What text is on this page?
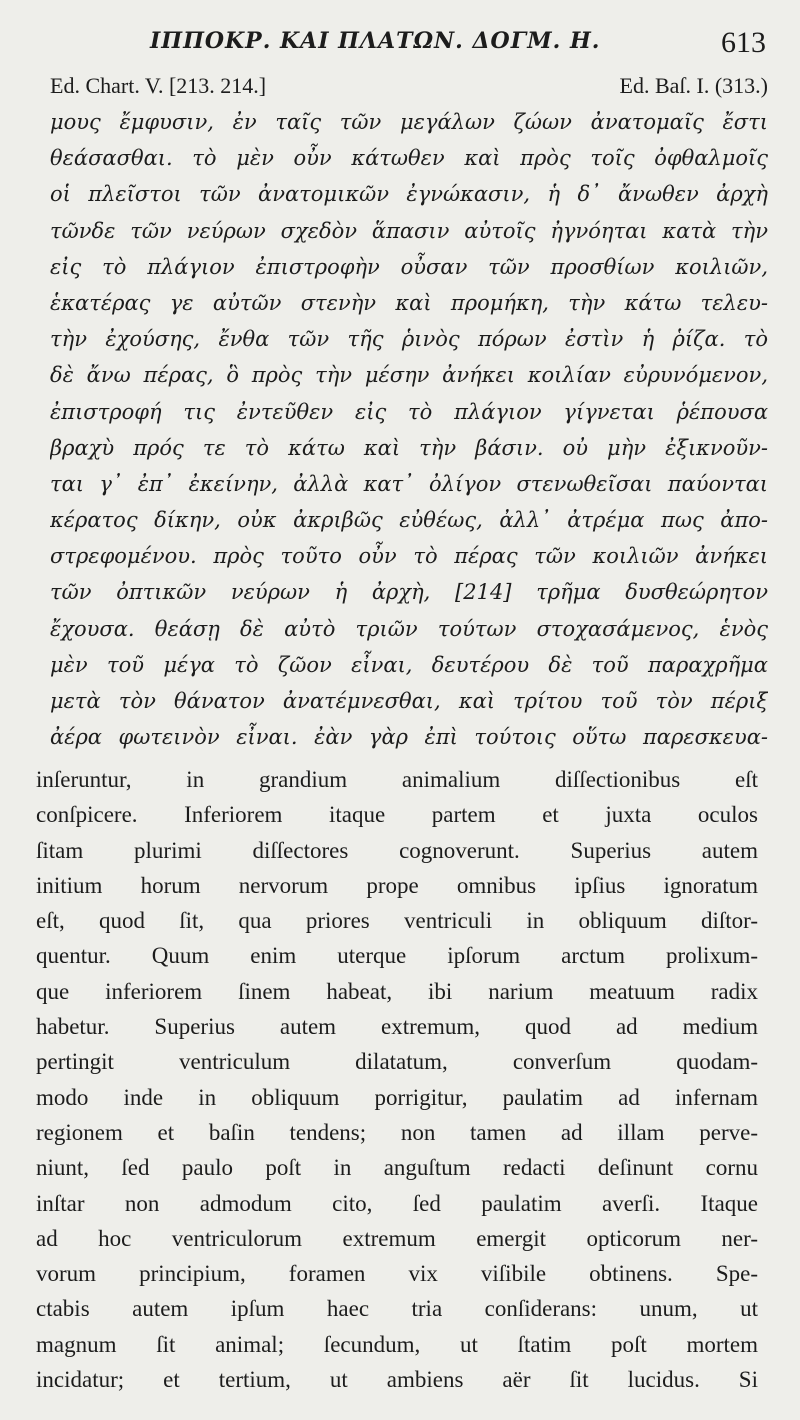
ΙΠΠΟΚΡ. ΚΑΙ ΠΛΑΤΩΝ. ΔΟΓΜ. Η.	613
Ed. Chart. V. [213. 214.]	Ed. Baſ. I. (313.)
μους ἔμφυσιν, ἐν ταῖς τῶν μεγάλων ζώων ἀνατομαῖς ἔστι
θεάσασθαι. τὸ μὲν οὖν κάτωθεν καὶ πρὸς τοῖς ὀφθαλμοῖς
οἱ πλεῖστοι τῶν ἀνατομικῶν ἐγνώκασιν, ἡ δ᾽ ἄνωθεν ἀρχὴ
τῶνδε τῶν νεύρων σχεδὸν ἅπασιν αὐτοῖς ἠγνόηται κατὰ τὴν
εἰς τὸ πλάγιον ἐπιστροφὴν οὖσαν τῶν προσθίων κοιλιῶν,
ἑκατέρας γε αὐτῶν στενὴν καὶ προμήκη, τὴν κάτω τελευ-
τὴν ἐχούσης, ἔνθα τῶν τῆς ῥινὸς πόρων ἐστὶν ἡ ῥίζα. τὸ
δὲ ἄνω πέρας, ὃ πρὸς τὴν μέσην ἀνήκει κοιλίαν εὐρυνόμενον,
ἐπιστροφή τις ἐντεῦθεν εἰς τὸ πλάγιον γίγνεται ῥέπουσα
βραχὺ πρός τε τὸ κάτω καὶ τὴν βάσιν. οὐ μὴν ἐξικνοῦν-
ται γ᾽ ἐπ᾽ ἐκείνην, ἀλλὰ κατ᾽ ὀλίγον στενωθεῖσαι παύονται
κέρατος δίκην, οὐκ ἀκριβῶς εὐθέως, ἀλλ᾽ ἀτρέμα πως ἀπο-
στρεφομένου. πρὸς τοῦτο οὖν τὸ πέρας τῶν κοιλιῶν ἀνήκει
τῶν ὀπτικῶν νεύρων ἡ ἀρχὴ, [214] τρῆμα δυσθεώρητον
ἔχουσα. θεάσῃ δὲ αὐτὸ τριῶν τούτων στοχασάμενος, ἑνὸς
μὲν τοῦ μέγα τὸ ζῶον εἶναι, δευτέρου δὲ τοῦ παραχρῆμα
μετὰ τὸν θάνατον ἀνατέμνεσθαι, καὶ τρίτου τοῦ τὸν πέριξ
ἀέρα φωτεινὸν εἶναι. ἐὰν γὰρ ἐπὶ τούτοις οὕτω παρεσκευα-
inſeruntur, in grandium animalium diſſectionibus eſt
conſpicere. Inferiorem itaque partem et juxta oculos
ſitam plurimi diſſectores cognoverunt. Superius autem
initium horum nervorum prope omnibus ipſius ignoratum
eſt, quod ſit, qua priores ventriculi in obliquum diſtor-
quentur. Quum enim uterque ipſorum arctum prolixum-
que inferiorem ſinem habeat, ibi narium meatuum radix
habetur. Superius autem extremum, quod ad medium
pertingit ventriculum dilatatum, converſum quodam-
modo inde in obliquum porrigitur, paulatim ad infernam
regionem et baſin tendens; non tamen ad illam perve-
niunt, ſed paulo poſt in anguſtum redacti deſinunt cornu
inſtar non admodum cito, ſed paulatim averſi. Itaque
ad hoc ventriculorum extremum emergit opticorum ner-
vorum principium, foramen vix viſibile obtinens. Spe-
ctabis autem ipſum haec tria conſiderans: unum, ut
magnum ſit animal; ſecundum, ut ſtatim poſt mortem
incidatur; et tertium, ut ambiens aër ſit lucidus. Si
